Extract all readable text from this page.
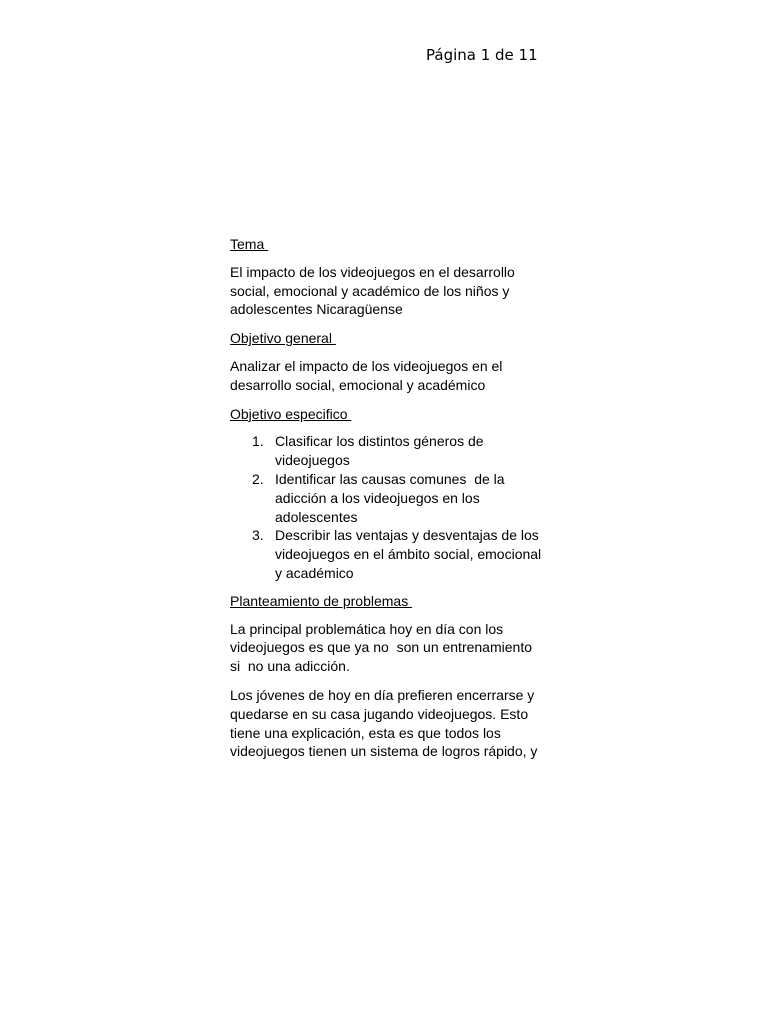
Página 1 de 11
Tema
El impacto de los videojuegos en el desarrollo social, emocional y académico de los niños y adolescentes Nicaragüense
Objetivo general
Analizar el impacto de los videojuegos en el desarrollo social, emocional y académico
Objetivo especifico
1. Clasificar los distintos géneros de videojuegos
2. Identificar las causas comunes  de la adicción a los videojuegos en los adolescentes
3. Describir las ventajas y desventajas de los videojuegos en el ámbito social, emocional y académico
Planteamiento de problemas
La principal problemática hoy en día con los videojuegos es que ya no  son un entrenamiento si  no una adicción.
Los jóvenes de hoy en día prefieren encerrarse y quedarse en su casa jugando videojuegos. Esto tiene una explicación, esta es que todos los videojuegos tienen un sistema de logros rápido, y
